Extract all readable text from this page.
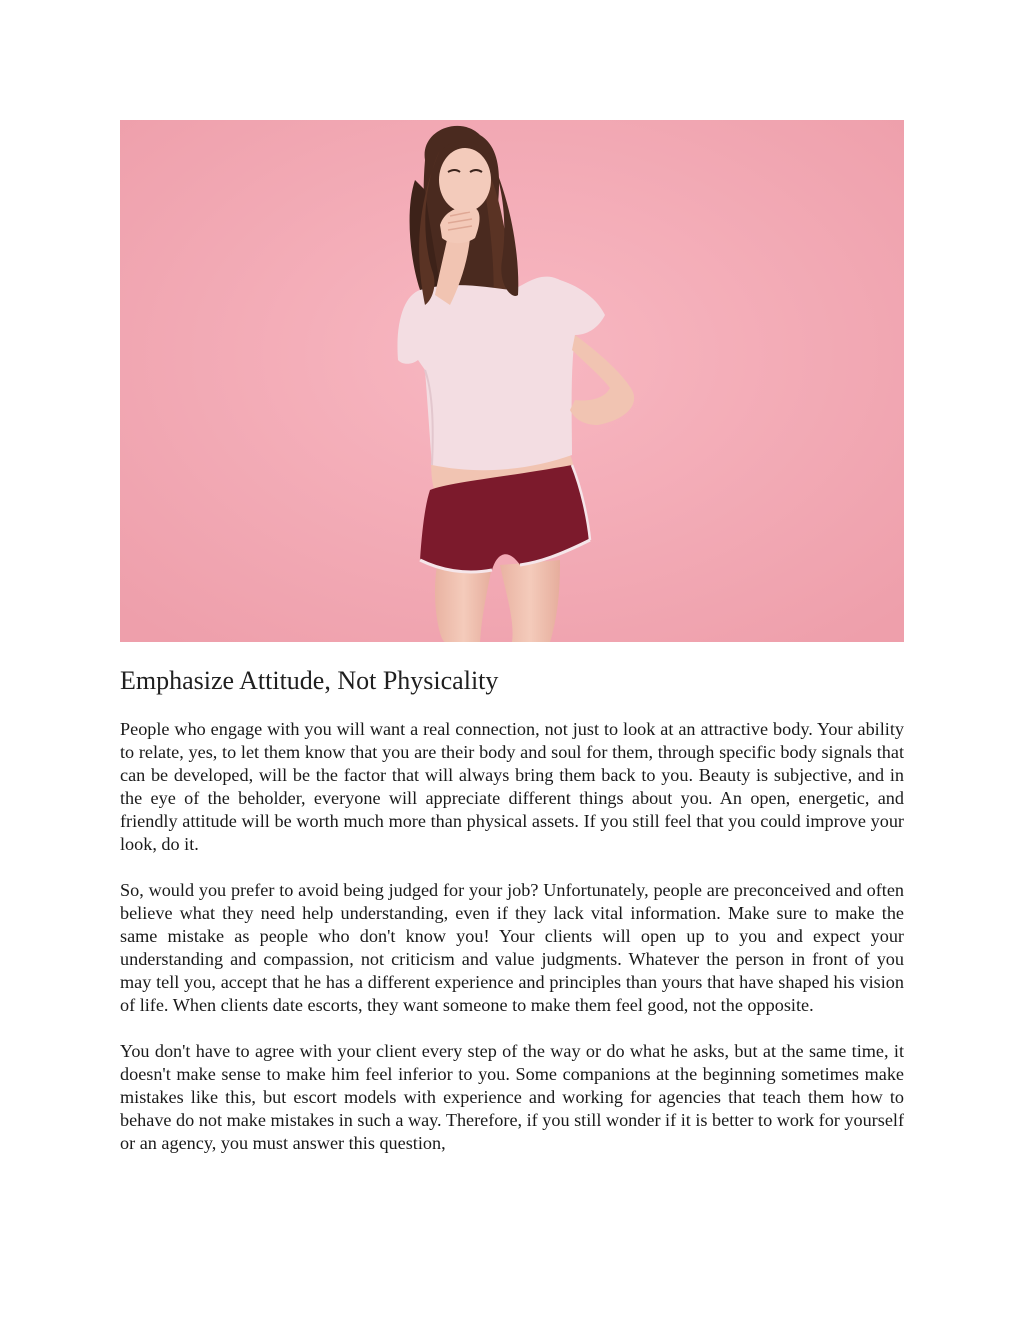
Emphasize Attitude, Not Physicality

People who engage with you will want a real connection, not just to look at an attractive body. Your ability to relate, yes, to let them know that you are their body and soul for them, through specific body signals that can be developed, will be the factor that will always bring them back to you. Beauty is subjective, and in the eye of the beholder, everyone will appreciate different things about you. An open, energetic, and friendly attitude will be worth much more than physical assets. If you still feel that you could improve your look, do it.

So, would you prefer to avoid being judged for your job? Unfortunately, people are preconceived and often believe what they need help understanding, even if they lack vital information. Make sure to make the same mistake as people who don't know you! Your clients will open up to you and expect your understanding and compassion, not criticism and value judgments. Whatever the person in front of you may tell you, accept that he has a different experience and principles than yours that have shaped his vision of life. When clients date escorts, they want someone to make them feel good, not the opposite.

You don't have to agree with your client every step of the way or do what he asks, but at the same time, it doesn't make sense to make him feel inferior to you. Some companions at the beginning sometimes make mistakes like this, but escort models with experience and working for agencies that teach them how to behave do not make mistakes in such a way. Therefore, if you still wonder if it is better to work for yourself or an agency, you must answer this question,
